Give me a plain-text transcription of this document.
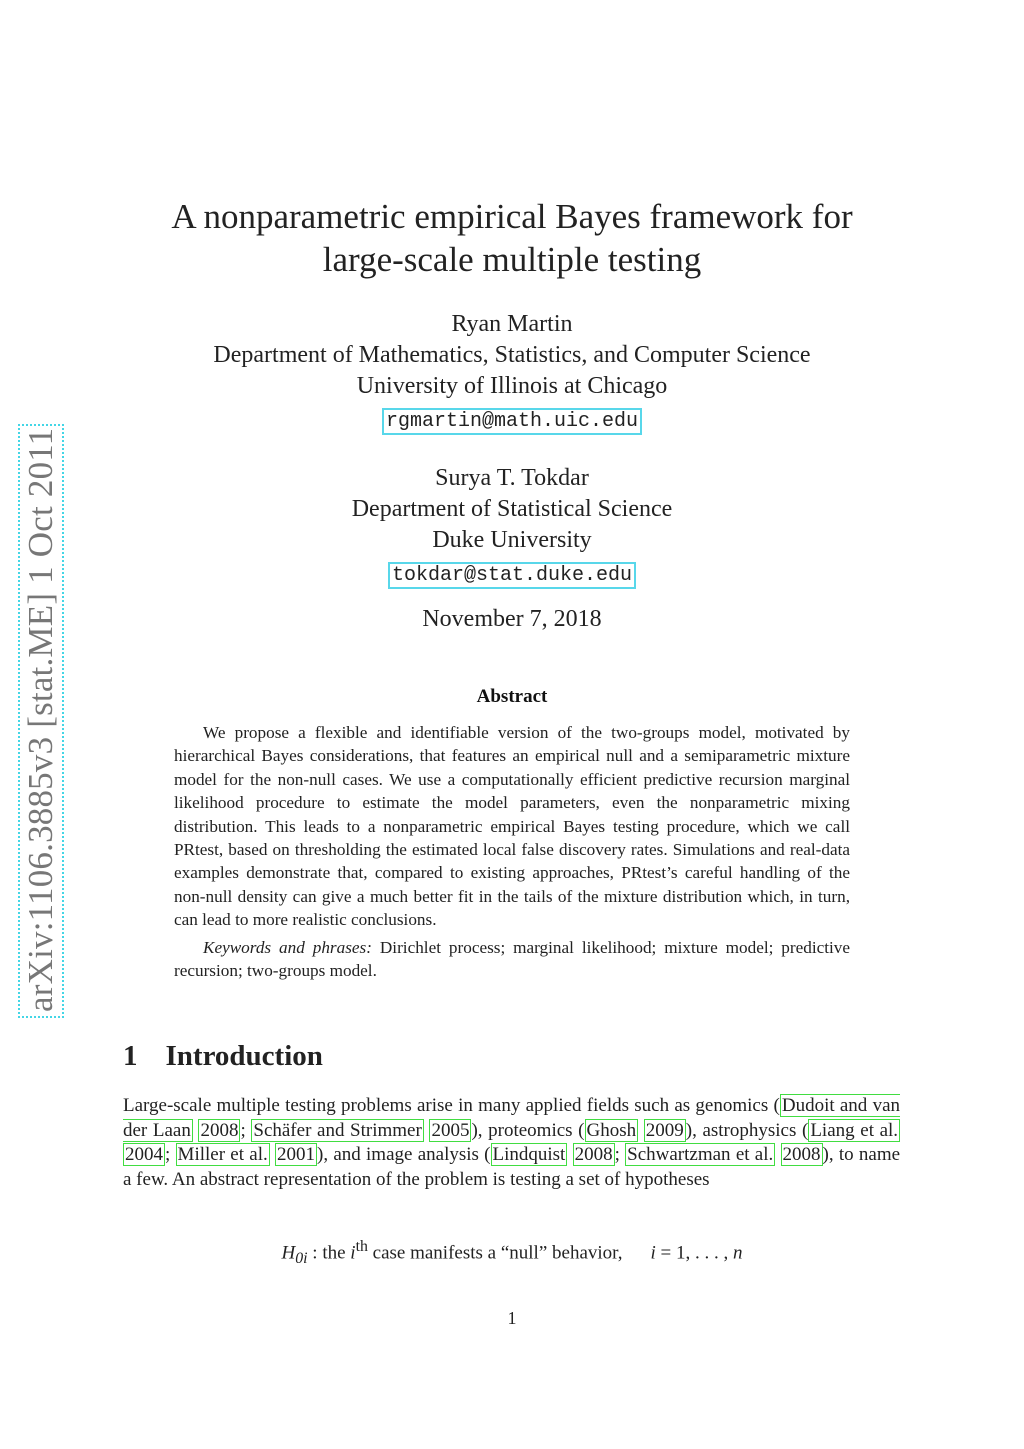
arXiv:1106.3885v3 [stat.ME] 1 Oct 2011
A nonparametric empirical Bayes framework for
large-scale multiple testing
Ryan Martin
Department of Mathematics, Statistics, and Computer Science
University of Illinois at Chicago
rgmartin@math.uic.edu
Surya T. Tokdar
Department of Statistical Science
Duke University
tokdar@stat.duke.edu
November 7, 2018
Abstract

We propose a flexible and identifiable version of the two-groups model, motivated by hierarchical Bayes considerations, that features an empirical null and a semiparametric mixture model for the non-null cases. We use a computationally efficient predictive recursion marginal likelihood procedure to estimate the model parameters, even the nonparametric mixing distribution. This leads to a nonparametric empirical Bayes testing procedure, which we call PRtest, based on thresholding the estimated local false discovery rates. Simulations and real-data examples demonstrate that, compared to existing approaches, PRtest’s careful handling of the non-null density can give a much better fit in the tails of the mixture distribution which, in turn, can lead to more realistic conclusions.

Keywords and phrases: Dirichlet process; marginal likelihood; mixture model; predictive recursion; two-groups model.

1 Introduction
Large-scale multiple testing problems arise in many applied fields such as genomics ( Dudoit and van der Laan 2008 ; Schäfer and Strimmer 2005 ), proteomics ( Ghosh 2009 ), astrophysics ( Liang et al. 2004 ; Miller et al. 2001 ), and image analysis ( Lindquist 2008 ; Schwartzman et al. 2008 ), to name a few. An abstract representation of the problem is testing a set of hypotheses
$H_{0i}$ : the $i^{th}$ case manifests a “null” behavior, i = 1, . . . , n
1
